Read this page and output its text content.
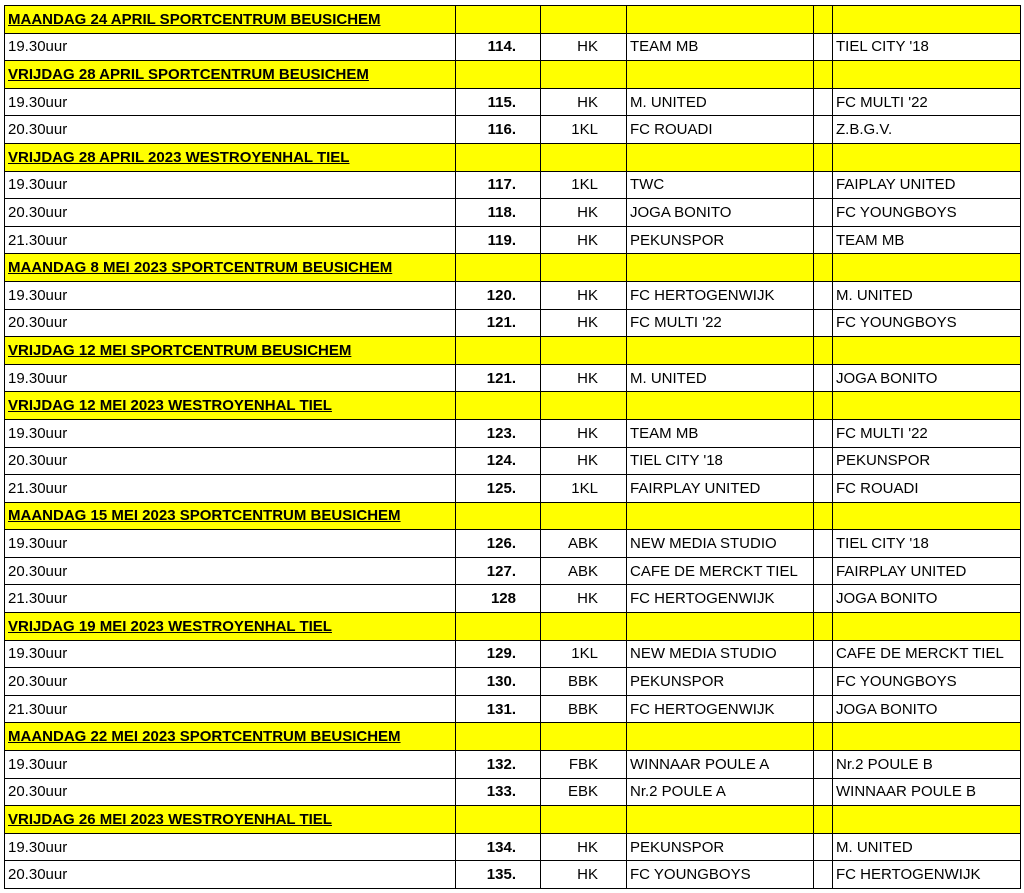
MAANDAG 24 APRIL SPORTCENTRUM BEUSICHEM					
19.30uur	114.	HK	TEAM MB		TIEL CITY '18
VRIJDAG 28 APRIL SPORTCENTRUM BEUSICHEM					
19.30uur	115.	HK	M. UNITED		FC MULTI '22
20.30uur	116.	1KL	FC ROUADI		Z.B.G.V.
VRIJDAG 28 APRIL 2023 WESTROYENHAL TIEL					
19.30uur	117.	1KL	TWC		FAIPLAY UNITED
20.30uur	118.	HK	JOGA BONITO		FC YOUNGBOYS
21.30uur	119.	HK	PEKUNSPOR		TEAM MB
MAANDAG 8 MEI 2023 SPORTCENTRUM BEUSICHEM					
19.30uur	120.	HK	FC HERTOGENWIJK		M. UNITED
20.30uur	121.	HK	FC MULTI '22		FC YOUNGBOYS
VRIJDAG 12 MEI SPORTCENTRUM BEUSICHEM					
19.30uur	121.	HK	M. UNITED		JOGA BONITO
VRIJDAG 12 MEI 2023 WESTROYENHAL TIEL					
19.30uur	123.	HK	TEAM MB		FC MULTI '22
20.30uur	124.	HK	TIEL CITY '18		PEKUNSPOR
21.30uur	125.	1KL	FAIRPLAY UNITED		FC ROUADI
MAANDAG 15 MEI 2023 SPORTCENTRUM BEUSICHEM					
19.30uur	126.	ABK	NEW MEDIA STUDIO		TIEL CITY '18
20.30uur	127.	ABK	CAFE DE MERCKT TIEL		FAIRPLAY UNITED
21.30uur	128	HK	FC HERTOGENWIJK		JOGA BONITO
VRIJDAG 19 MEI 2023 WESTROYENHAL TIEL					
19.30uur	129.	1KL	NEW MEDIA STUDIO		CAFE DE MERCKT TIEL
20.30uur	130.	BBK	PEKUNSPOR		FC YOUNGBOYS
21.30uur	131.	BBK	FC HERTOGENWIJK		JOGA BONITO
MAANDAG 22 MEI 2023 SPORTCENTRUM BEUSICHEM					
19.30uur	132.	FBK	WINNAAR POULE A		Nr.2 POULE B
20.30uur	133.	EBK	Nr.2 POULE A		WINNAAR POULE B
VRIJDAG 26 MEI 2023 WESTROYENHAL TIEL					
19.30uur	134.	HK	PEKUNSPOR		M. UNITED
20.30uur	135.	HK	FC YOUNGBOYS		FC HERTOGENWIJK
